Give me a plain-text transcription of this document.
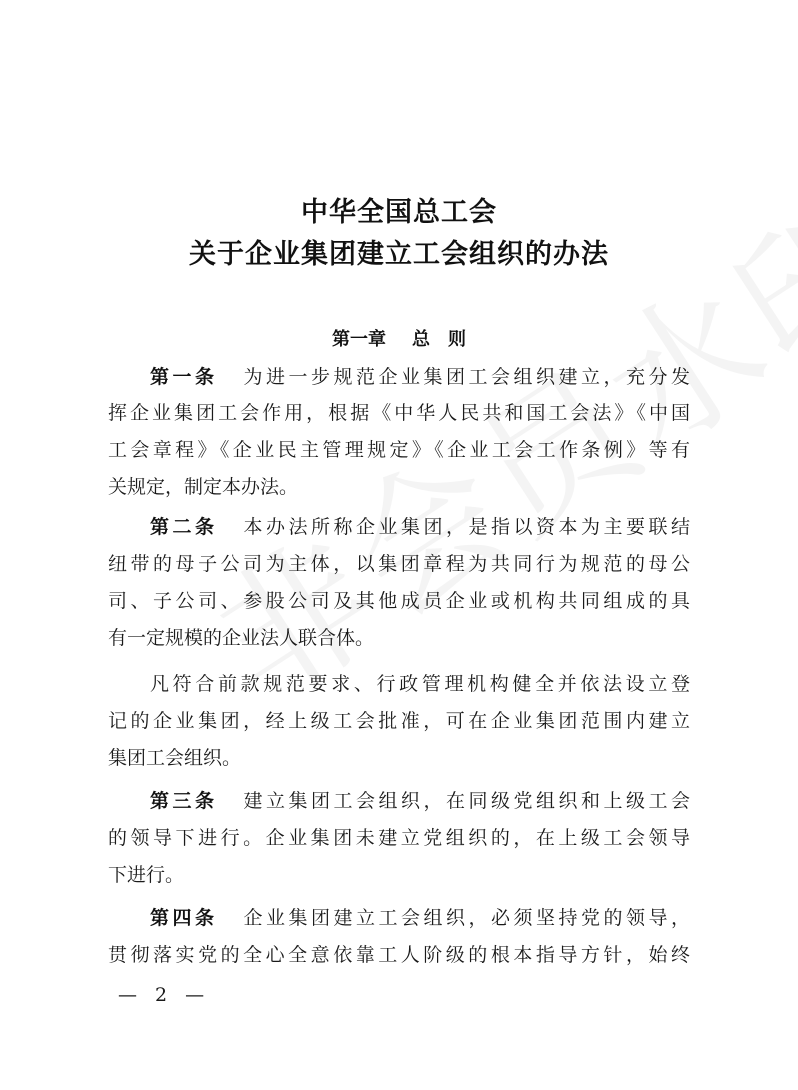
中华全国总工会
关于企业集团建立工会组织的办法
第一章 总　则
第一条 为进一步规范企业集团工会组织建立，充分发
挥企业集团工会作用，根据《中华人民共和国工会法》《中国
工会章程》《企业民主管理规定》《企业工会工作条例》等有
关规定，制定本办法。
第二条 本办法所称企业集团，是指以资本为主要联结
纽带的母子公司为主体，以集团章程为共同行为规范的母公
司、子公司、参股公司及其他成员企业或机构共同组成的具
有一定规模的企业法人联合体。
凡符合前款规范要求、行政管理机构健全并依法设立登
记的企业集团，经上级工会批准，可在企业集团范围内建立
集团工会组织。
第三条 建立集团工会组织，在同级党组织和上级工会
的领导下进行。企业集团未建立党组织的，在上级工会领导
下进行。
第四条 企业集团建立工会组织，必须坚持党的领导，
贯彻落实党的全心全意依靠工人阶级的根本指导方针，始终
— 2 —
